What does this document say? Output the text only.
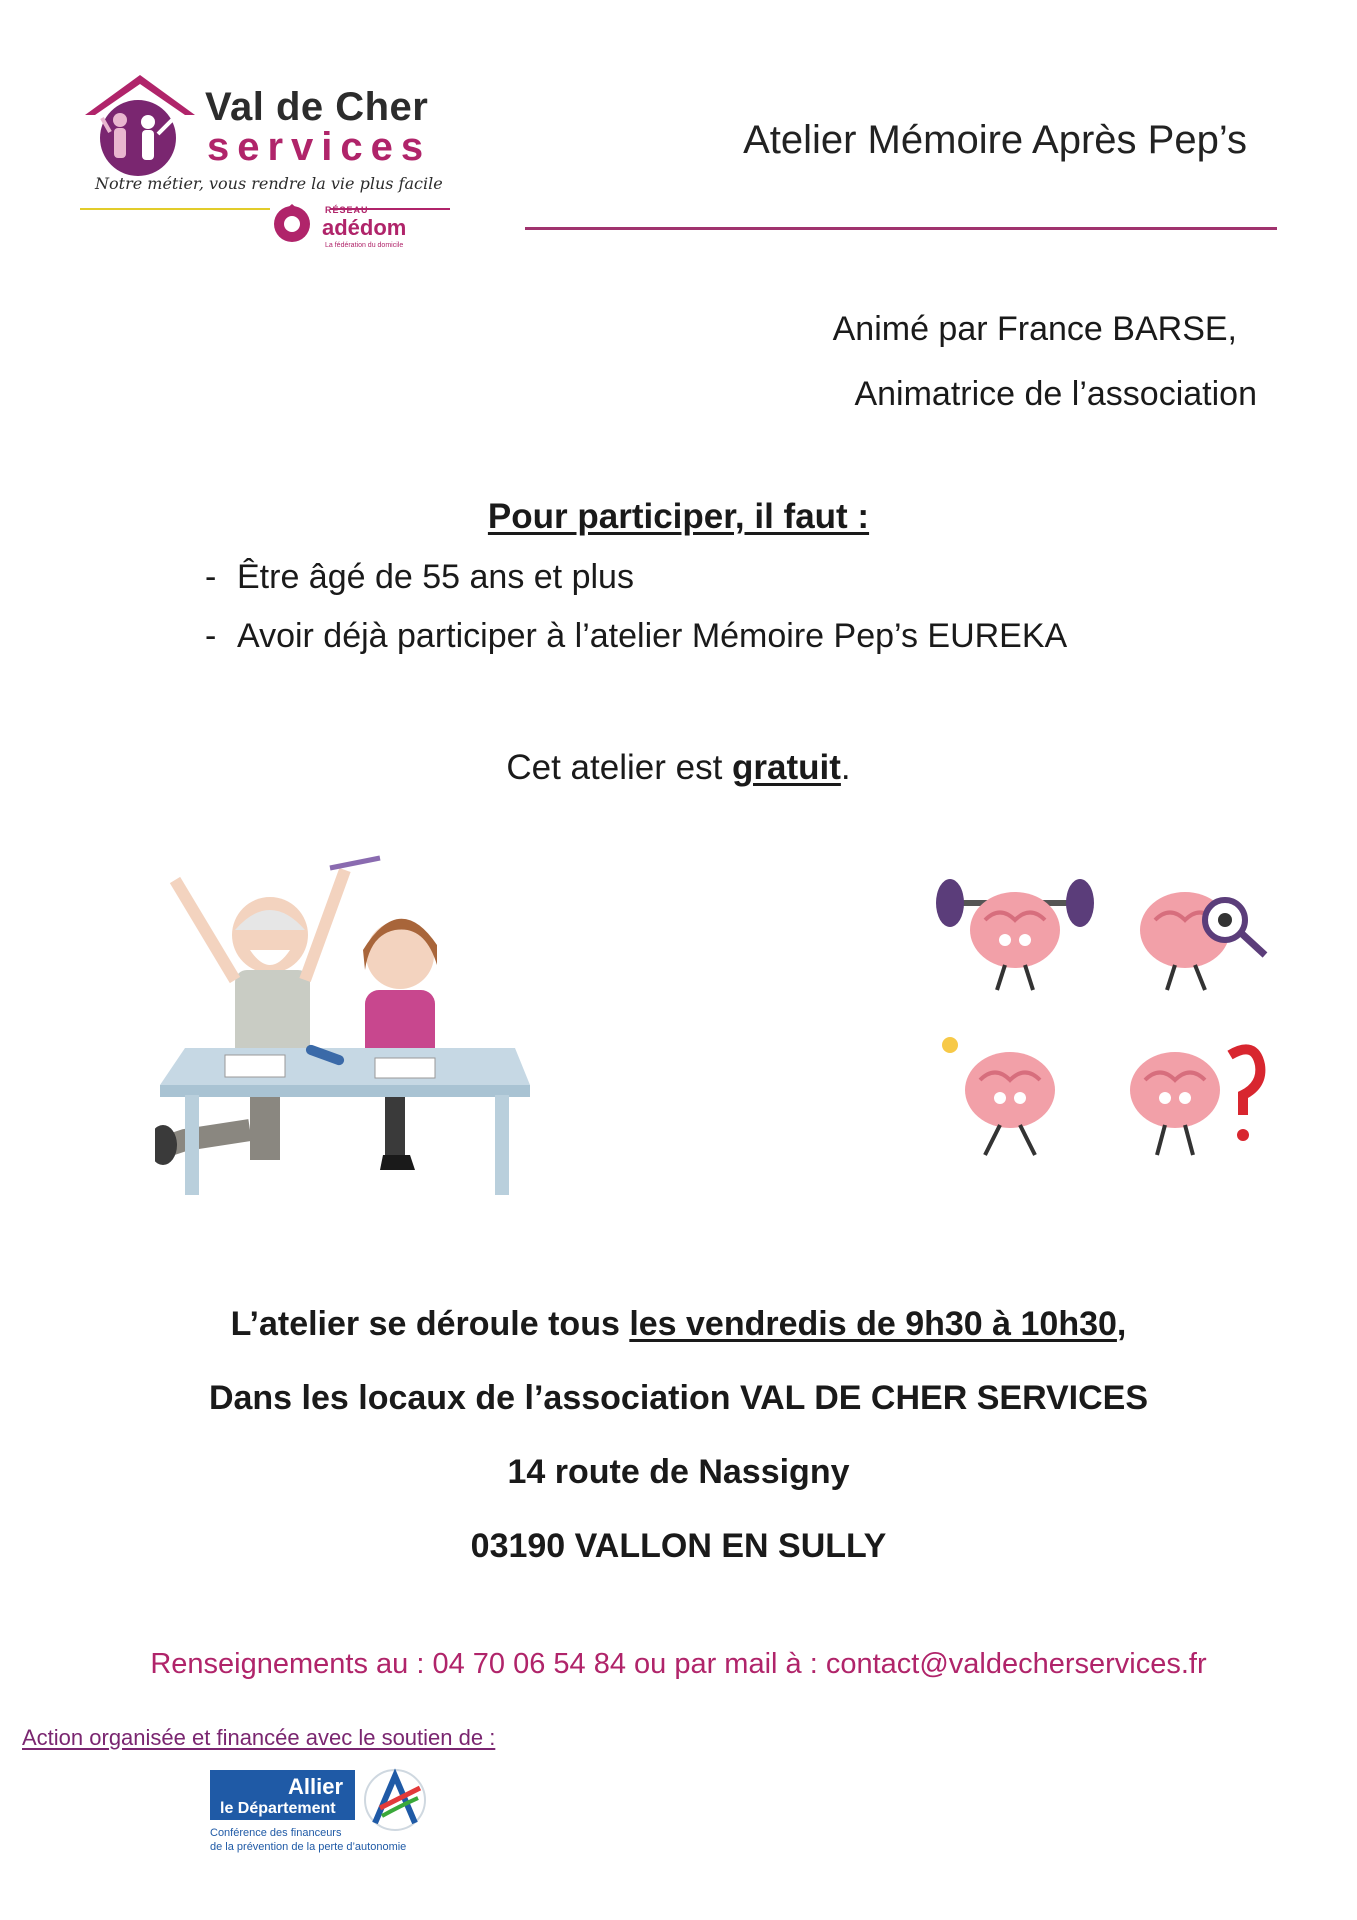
Val de Cher
services
Notre métier, vous rendre la vie plus facile
RÉSEAU
adédom
La fédération du domicile
Atelier Mémoire Après Pep’s
Animé par France BARSE,
Animatrice de l’association
Pour participer, il faut :
- Être âgé de 55 ans et plus
- Avoir déjà participer à l’atelier Mémoire Pep’s EUREKA
Cet atelier est gratuit.
L’atelier se déroule tous les vendredis de 9h30 à 10h30,
Dans les locaux de l’association VAL DE CHER SERVICES
14 route de Nassigny
03190 VALLON EN SULLY
Renseignements au : 04 70 06 54 84 ou par mail à : contact@valdecherservices.fr
Action organisée et financée avec le soutien de :
Allier
le Département
Conférence des financeurs
de la prévention de la perte d’autonomie
